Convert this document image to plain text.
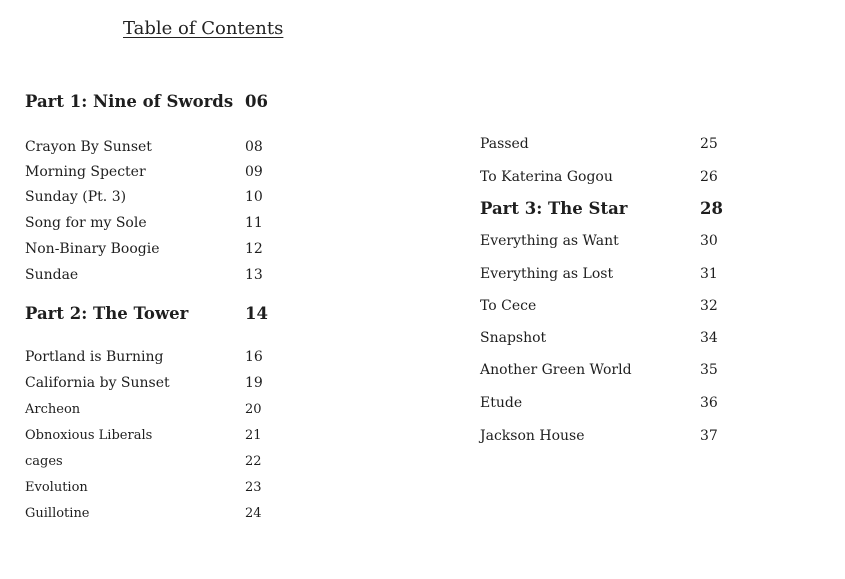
Table of Contents
Part 1: Nine of Swords 06
Crayon By Sunset	08
Morning Specter	09
Sunday (Pt. 3)	10
Song for my Sole	11
Non-Binary Boogie	12
Sundae	13
Part 2: The Tower	14
Portland is Burning	16
California by Sunset	19
Archeon	20
Obnoxious Liberals	21
cages	22
Evolution	23
Guillotine	24
Passed	25
To Katerina Gogou	26
Part 3: The Star	28
Everything as Want	30
Everything as Lost	31
To Cece	32
Snapshot	34
Another Green World	35
Etude	36
Jackson House	37
